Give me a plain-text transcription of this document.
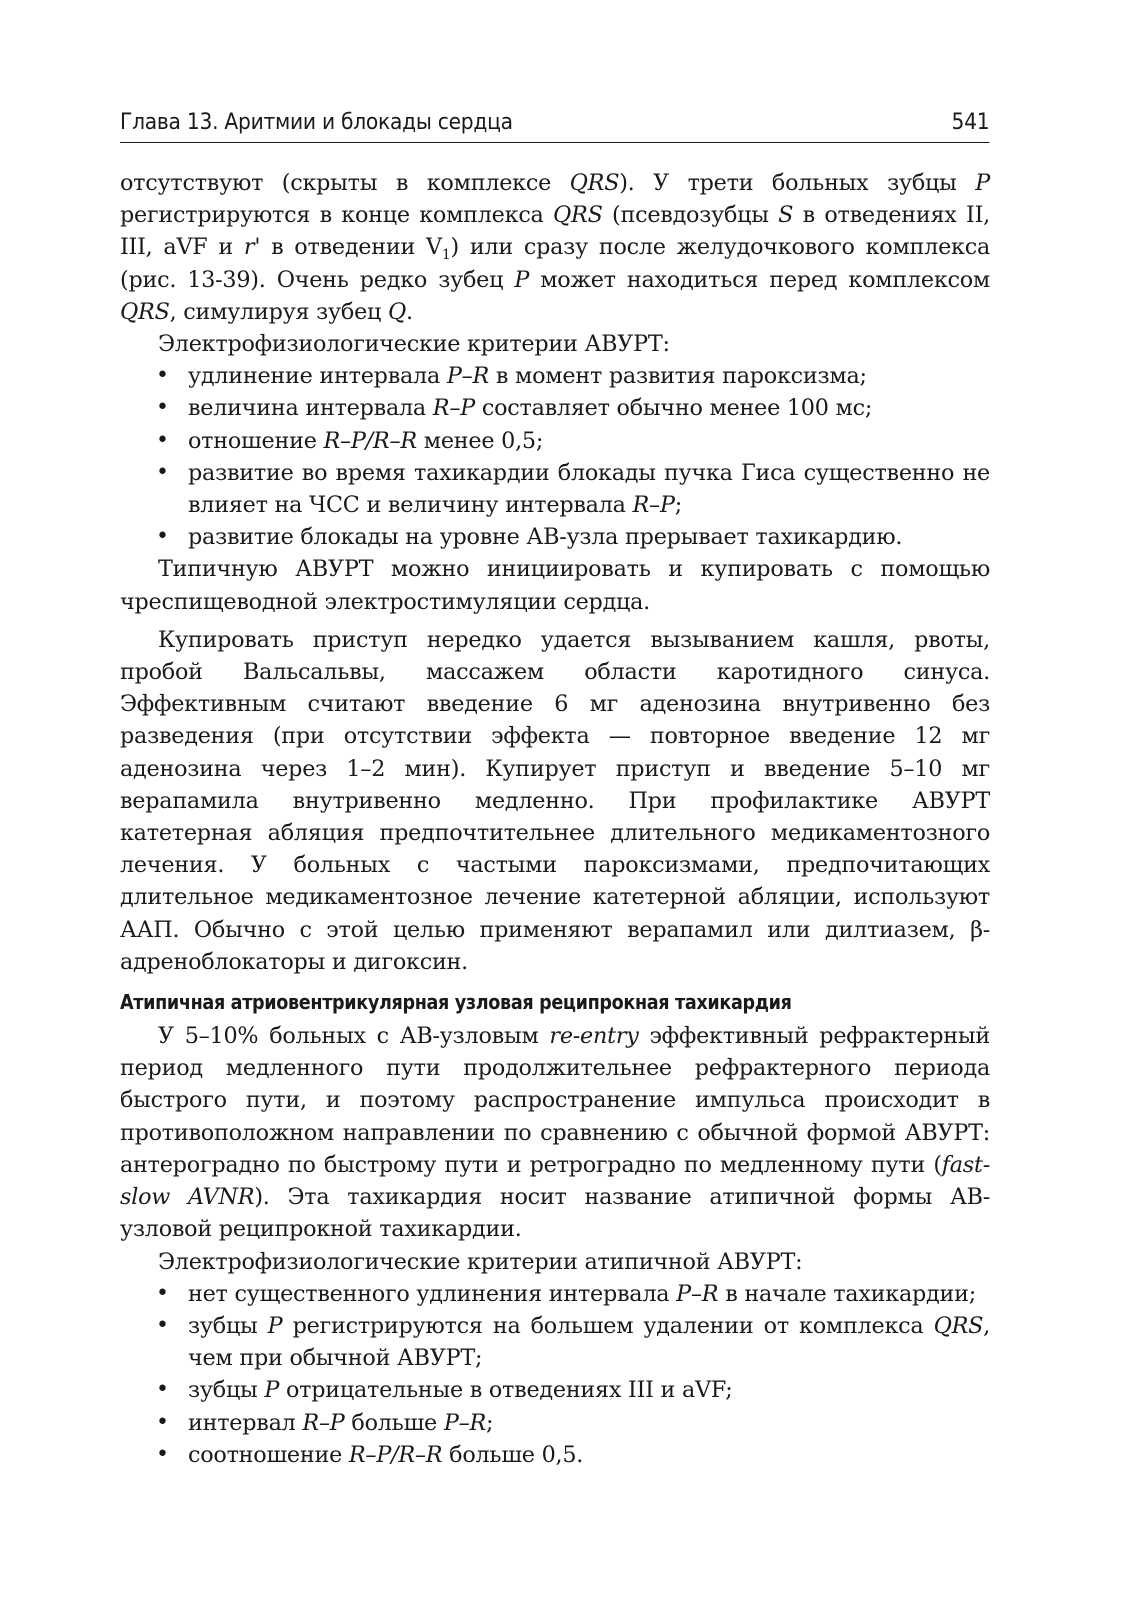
Глава 13. Аритмии и блокады сердца	541

отсутствуют (скрыты в комплексе QRS). У трети больных зубцы P регистрируются в конце комплекса QRS (псевдозубцы S в отведениях II, III, aVF и r' в отведении $V_1$) или сразу после желудочкового комплекса (рис. 13-39). Очень редко зубец P может находиться перед комплексом QRS, симулируя зубец Q.

Электрофизиологические критерии АВУРТ:

• удлинение интервала P–R в момент развития пароксизма;
• величина интервала R–P составляет обычно менее 100 мс;
• отношение R–P/R–R менее 0,5;
• развитие во время тахикардии блокады пучка Гиса существенно не влияет на ЧСС и величину интервала R–P;
• развитие блокады на уровне АВ-узла прерывает тахикардию.

Типичную АВУРТ можно инициировать и купировать с помощью чреспищеводной электростимуляции сердца.

Купировать приступ нередко удается вызыванием кашля, рвоты, пробой Вальсальвы, массажем области каротидного синуса. Эффективным считают введение 6 мг аденозина внутривенно без разведения (при отсутствии эффекта — повторное введение 12 мг аденозина через 1–2 мин). Купирует приступ и введение 5–10 мг верапамила внутривенно медленно. При профилактике АВУРТ катетерная абляция предпочтительнее длительного медикаментозного лечения. У больных с частыми пароксизмами, предпочитающих длительное медикаментозное лечение катетерной абляции, используют ААП. Обычно с этой целью применяют верапамил или дилтиазем, β-адреноблокаторы и дигоксин.

Атипичная атриовентрикулярная узловая реципрокная тахикардия

У 5–10% больных с АВ-узловым re-entry эффективный рефрактерный период медленного пути продолжительнее рефрактерного периода быстрого пути, и поэтому распространение импульса происходит в противоположном направлении по сравнению с обычной формой АВУРТ: антероградно по быстрому пути и ретроградно по медленному пути (fast-slow AVNR). Эта тахикардия носит название атипичной формы АВ-узловой реципрокной тахикардии.

Электрофизиологические критерии атипичной АВУРТ:

• нет существенного удлинения интервала P–R в начале тахикардии;
• зубцы P регистрируются на большем удалении от комплекса QRS, чем при обычной АВУРТ;
• зубцы P отрицательные в отведениях III и aVF;
• интервал R–P больше P–R;
• соотношение R–P/R–R больше 0,5.
